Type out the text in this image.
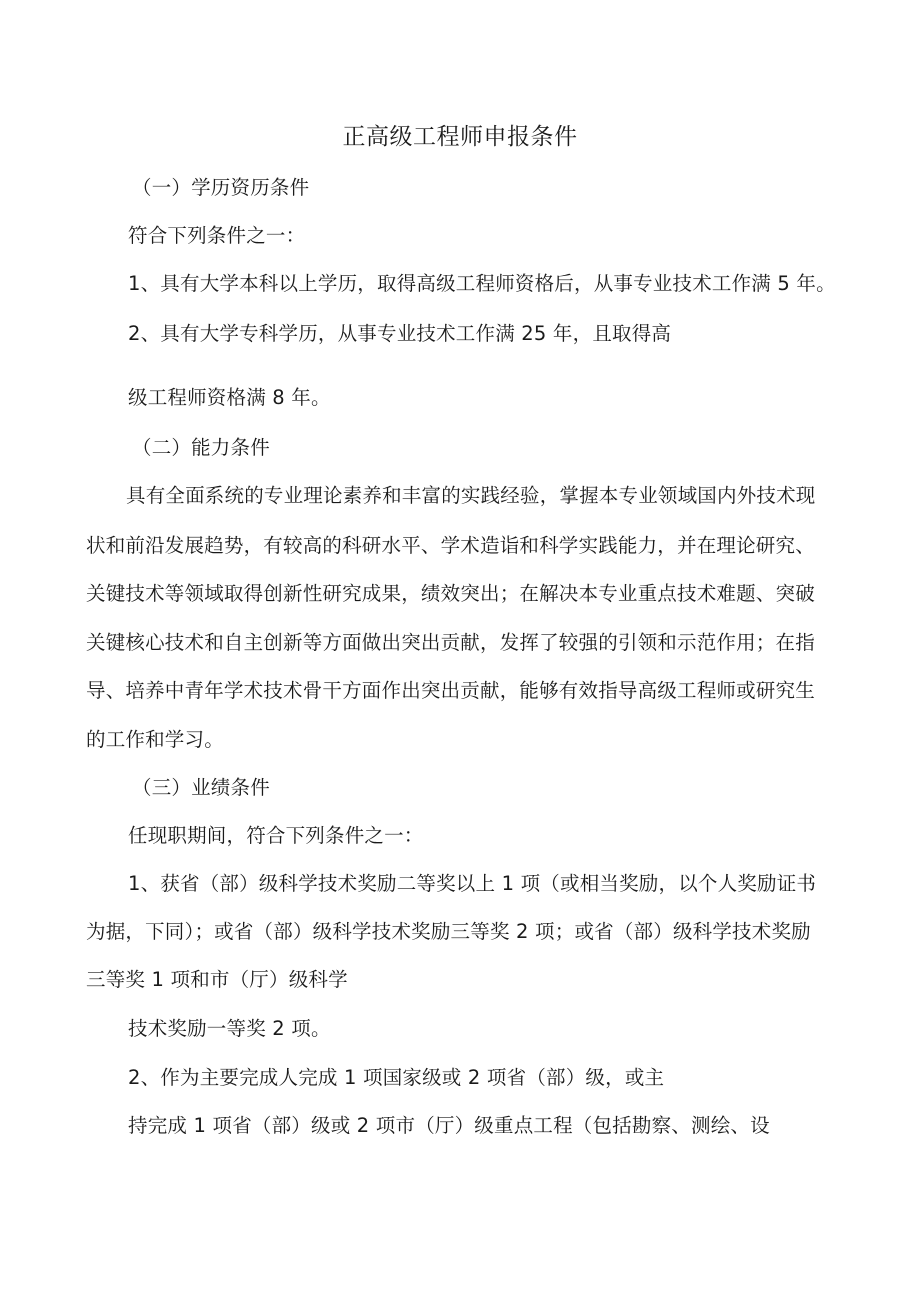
正高级工程师申报条件
（一）学历资历条件
符合下列条件之一：
1、具有大学本科以上学历，取得高级工程师资格后，从事专业技术工作满 5 年。
2、具有大学专科学历，从事专业技术工作满 25 年，且取得高
级工程师资格满 8 年。
（二）能力条件
具有全面系统的专业理论素养和丰富的实践经验，掌握本专业领域国内外技术现
状和前沿发展趋势，有较高的科研水平、学术造诣和科学实践能力，并在理论研究、
关键技术等领域取得创新性研究成果，绩效突出；在解决本专业重点技术难题、突破
关键核心技术和自主创新等方面做出突出贡献，发挥了较强的引领和示范作用；在指
导、培养中青年学术技术骨干方面作出突出贡献，能够有效指导高级工程师或研究生
的工作和学习。
（三）业绩条件
任现职期间，符合下列条件之一：
1、获省（部）级科学技术奖励二等奖以上 1 项（或相当奖励，以个人奖励证书
为据，下同）；或省（部）级科学技术奖励三等奖 2 项；或省（部）级科学技术奖励
三等奖 1 项和市（厅）级科学
技术奖励一等奖 2 项。
2、作为主要完成人完成 1 项国家级或 2 项省（部）级，或主
持完成 1 项省（部）级或 2 项市（厅）级重点工程（包括勘察、测绘、设
